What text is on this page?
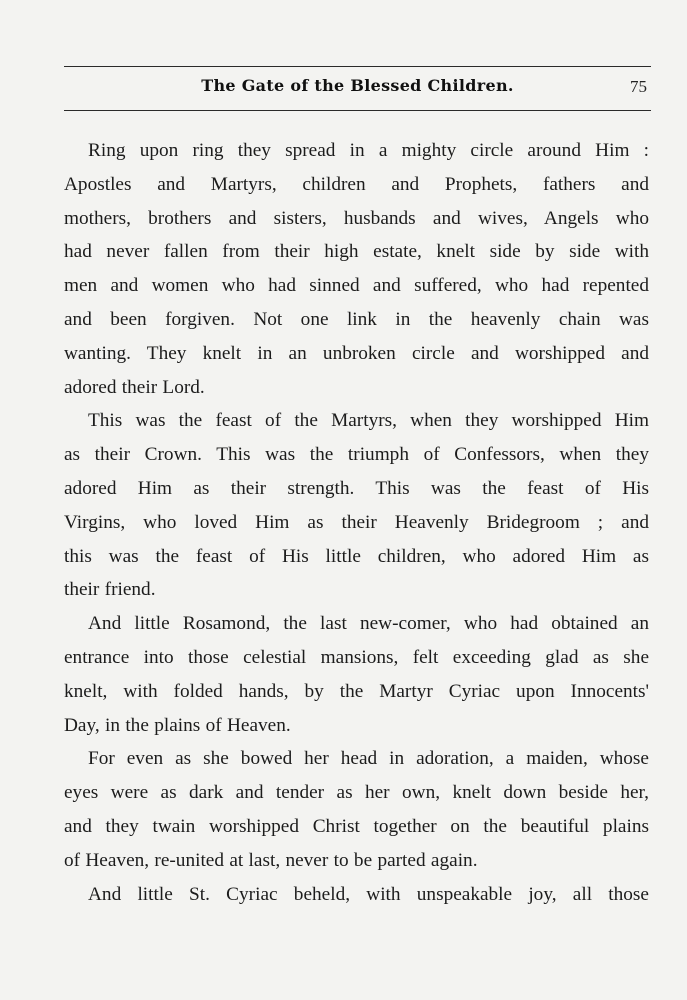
The Gate of the Blessed Children.	75
Ring upon ring they spread in a mighty circle around Him :
Apostles and Martyrs, children and Prophets, fathers and
mothers, brothers and sisters, husbands and wives, Angels who
had never fallen from their high estate, knelt side by side with
men and women who had sinned and suffered, who had repented
and been forgiven. Not one link in the heavenly chain was
wanting. They knelt in an unbroken circle and worshipped and
adored their Lord.
This was the feast of the Martyrs, when they worshipped Him
as their Crown. This was the triumph of Confessors, when they
adored Him as their strength. This was the feast of His
Virgins, who loved Him as their Heavenly Bridegroom ; and
this was the feast of His little children, who adored Him as
their friend.
And little Rosamond, the last new-comer, who had obtained an
entrance into those celestial mansions, felt exceeding glad as she
knelt, with folded hands, by the Martyr Cyriac upon Innocents'
Day, in the plains of Heaven.
For even as she bowed her head in adoration, a maiden, whose
eyes were as dark and tender as her own, knelt down beside her,
and they twain worshipped Christ together on the beautiful plains
of Heaven, re-united at last, never to be parted again.
And little St. Cyriac beheld, with unspeakable joy, all those
